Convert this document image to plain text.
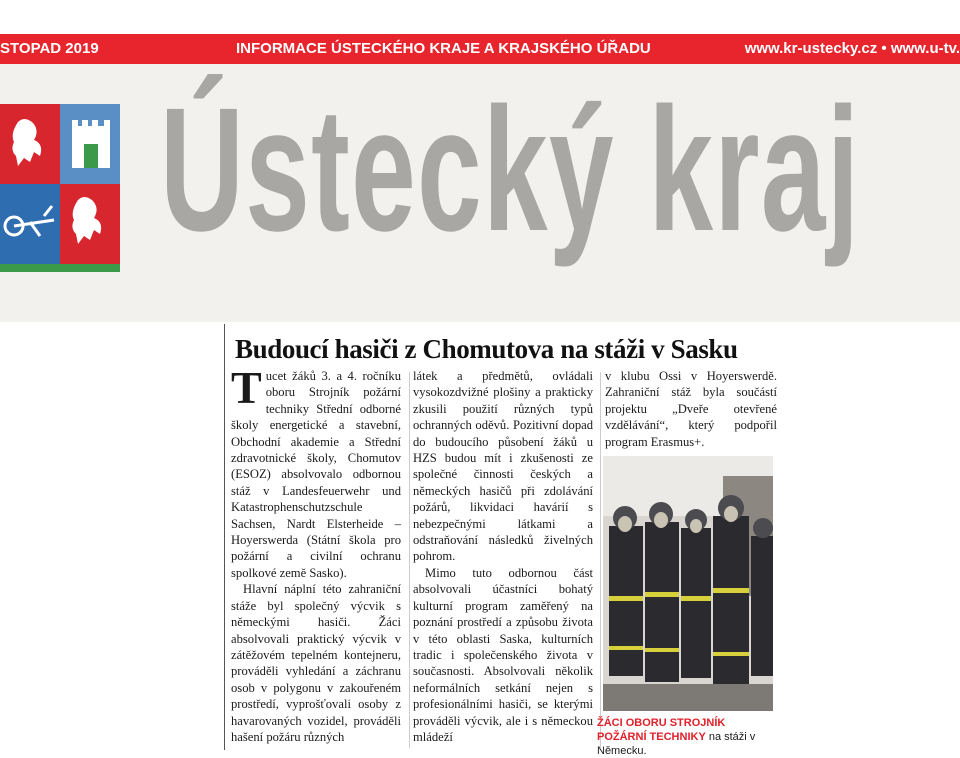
STOPAD 2019	INFORMACE ÚSTECKÉHO KRAJE A KRAJSKÉHO ÚŘADU	www.kr-ustecky.cz • www.u-tv.
Ústecký kraj
Budoucí hasiči z Chomutova na stáži v Sasku

Tucet žáků 3. a 4. ročníku oboru Strojník požární techniky Střední odborné školy energetické a stavební, Obchodní akademie a Střední zdravotnické školy, Chomutov (ESOZ) absolvovalo odbornou stáž v Landesfeuerwehr und Katastrophenschutzschule Sachsen, Nardt Elsterheide – Hoyerswerda (Státní škola pro požární a civilní ochranu spolkové země Sasko).

Hlavní náplní této zahraniční stáže byl společný výcvik s německými hasiči. Žáci absolvovali praktický výcvik v zátěžovém tepelném kontejneru, prováděli vyhledání a záchranu osob v polygonu v zakouřeném prostředí, vyprošťovali osoby z havarovaných vozidel, prováděli hašení požáru různých

látek a předmětů, ovládali vysokozdvižné plošiny a prakticky zkusili použití různých typů ochranných oděvů. Pozitivní dopad do budoucího působení žáků u HZS budou mít i zkušenosti ze společné činnosti českých a německých hasičů při zdolávání požárů, likvidaci havárií s nebezpečnými látkami a odstraňování následků živelných pohrom.

Mimo tuto odbornou část absolvovali účastníci bohatý kulturní program zaměřený na poznání prostředí a způsobu života v této oblasti Saska, kulturních tradic i společenského života v současnosti. Absolvovali několik neformálních setkání nejen s profesionálními hasiči, se kterými prováděli výcvik, ale i s německou mládeží

v klubu Ossi v Hoyerswerdě. Zahraniční stáž byla součástí projektu „Dveře otevřené vzdělávání“, který podpořil program Erasmus+.

ŽÁCI OBORU STROJNÍK POŽÁRNÍ TECHNIKY na stáži v Německu.
